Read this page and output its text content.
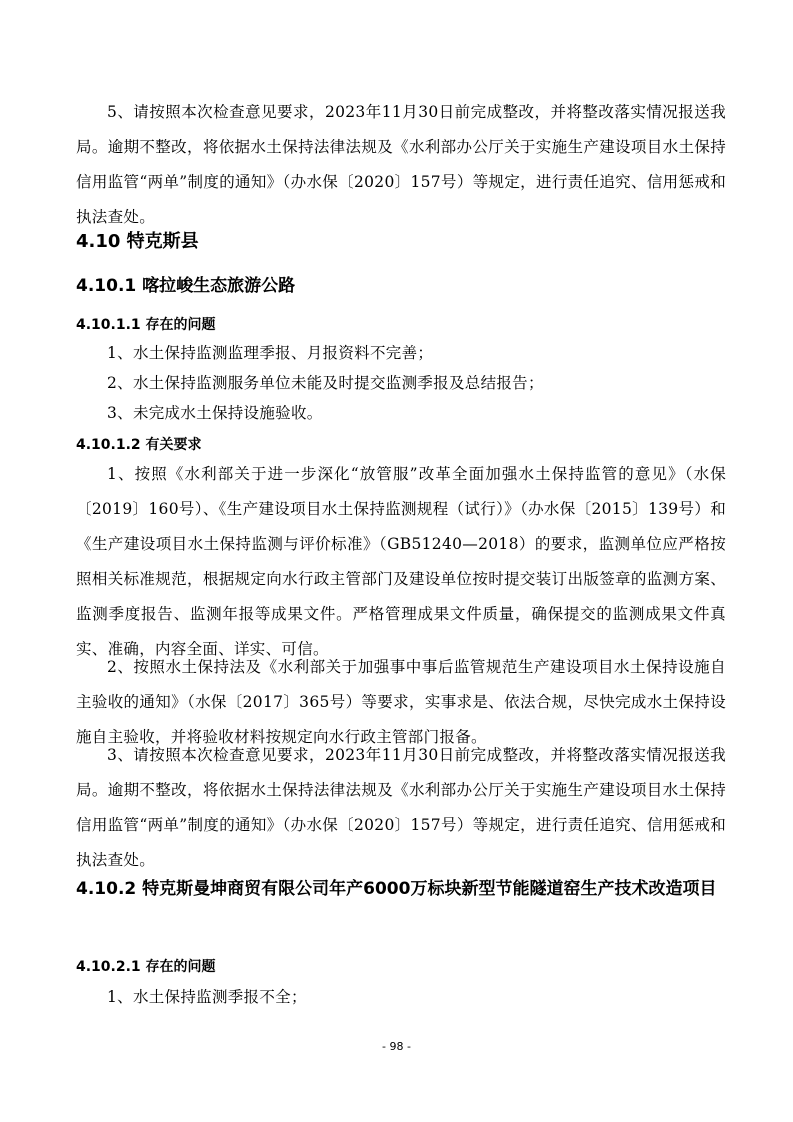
5、请按照本次检查意见要求，2023年11月30日前完成整改，并将整改落实情况报送我局。逾期不整改，将依据水土保持法律法规及《水利部办公厅关于实施生产建设项目水土保持信用监管“两单”制度的通知》（办水保〔2020〕157号）等规定，进行责任追究、信用惩戒和执法查处。
4.10 特克斯县
4.10.1 喀拉峻生态旅游公路
4.10.1.1 存在的问题
1、水土保持监测监理季报、月报资料不完善；
2、水土保持监测服务单位未能及时提交监测季报及总结报告；
3、未完成水土保持设施验收。
4.10.1.2 有关要求
1、按照《水利部关于进一步深化“放管服”改革全面加强水土保持监管的意见》（水保〔2019〕160号）、《生产建设项目水土保持监测规程（试行）》（办水保〔2015〕139号）和《生产建设项目水土保持监测与评价标准》（GB51240—2018）的要求，监测单位应严格按照相关标准规范，根据规定向水行政主管部门及建设单位按时提交装订出版签章的监测方案、监测季度报告、监测年报等成果文件。严格管理成果文件质量，确保提交的监测成果文件真实、准确，内容全面、详实、可信。
2、按照水土保持法及《水利部关于加强事中事后监管规范生产建设项目水土保持设施自主验收的通知》（水保〔2017〕365号）等要求，实事求是、依法合规，尽快完成水土保持设施自主验收，并将验收材料按规定向水行政主管部门报备。
3、请按照本次检查意见要求，2023年11月30日前完成整改，并将整改落实情况报送我局。逾期不整改，将依据水土保持法律法规及《水利部办公厅关于实施生产建设项目水土保持信用监管“两单”制度的通知》（办水保〔2020〕157号）等规定，进行责任追究、信用惩戒和执法查处。
4.10.2 特克斯曼坤商贸有限公司年产6000万标块新型节能隧道窑生产技术改造项目
4.10.2.1 存在的问题
1、水土保持监测季报不全；
- 98 -
